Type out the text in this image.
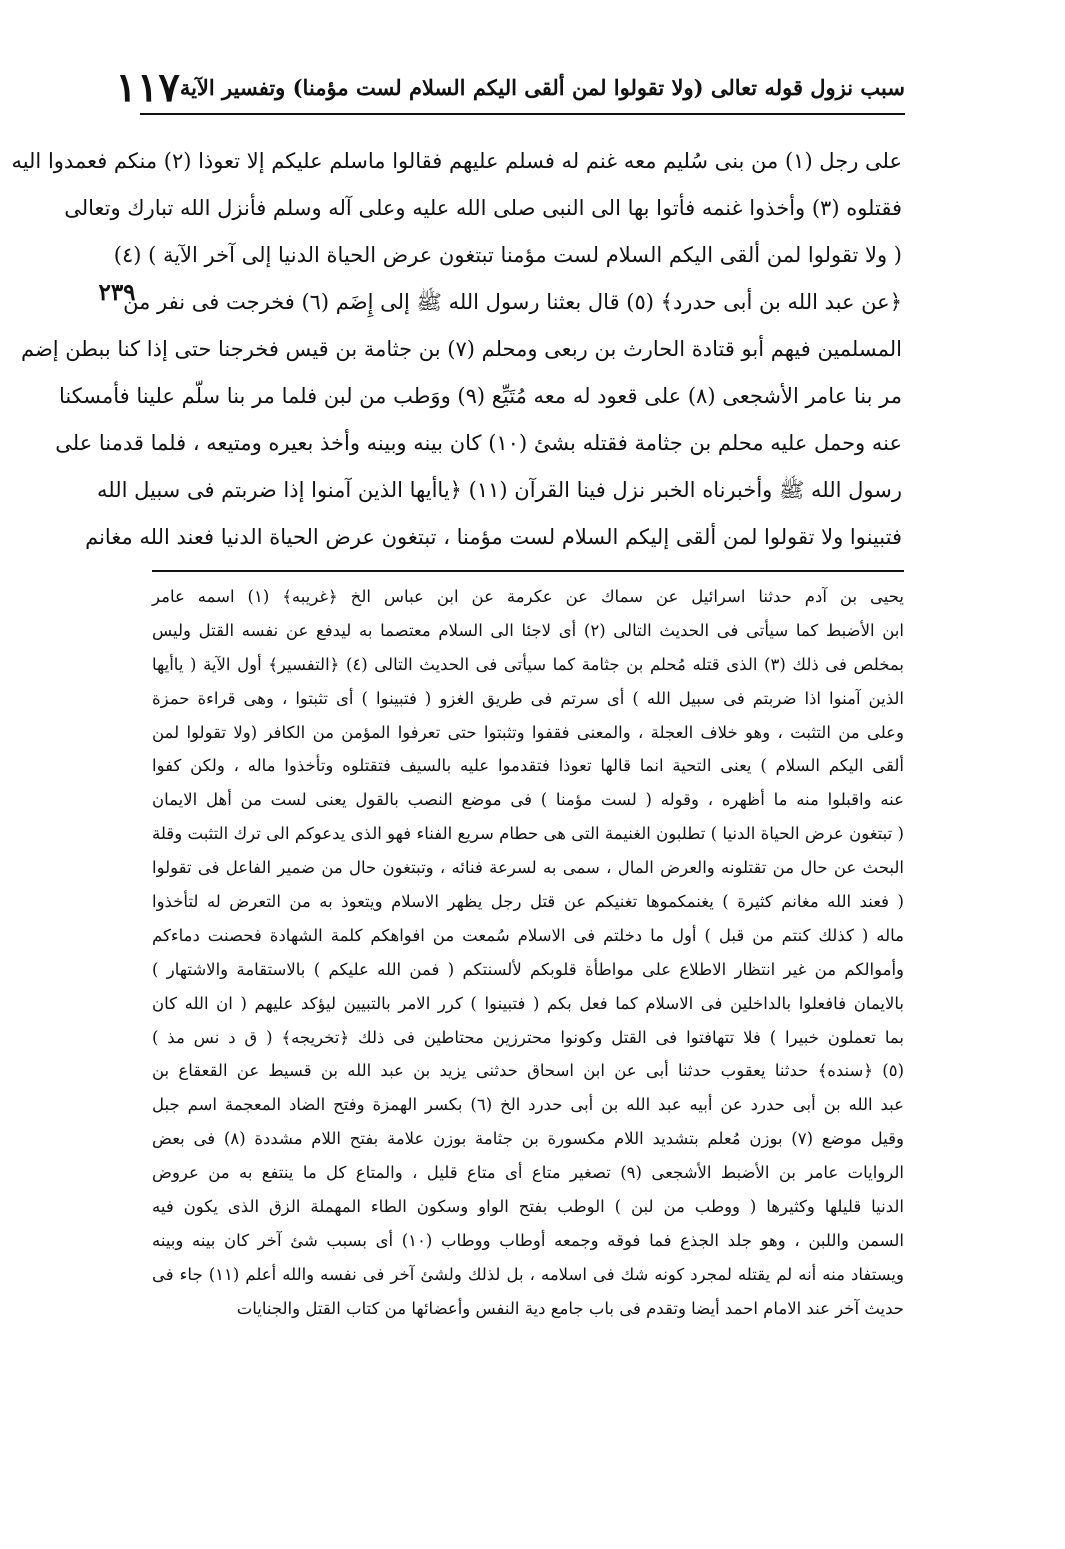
سبب نزول قوله تعالى (ولا تقولوا لمن ألقى اليكم السلام لست مؤمنا) وتفسير الآية
١١٧
٢٣٩
على رجل (١) من بنى سُليم معه غنم له فسلم عليهم فقالوا ماسلم عليكم إلا تعوذا (٢) منكم فعمدوا اليه
فقتلوه (٣) وأخذوا غنمه فأتوا بها الى النبى صلى الله عليه وعلى آله وسلم فأنزل الله تبارك وتعالى
( ولا تقولوا لمن ألقى اليكم السلام لست مؤمنا تبتغون عرض الحياة الدنيا إلى آخر الآية ) (٤)
﴿عن عبد الله بن أبى حدرد﴾ (٥) قال بعثنا رسول الله ﷺ إلى إِضَم (٦) فخرجت فى نفر من
المسلمين فيهم أبو قتادة الحارث بن ربعى ومحلم (٧) بن جثامة بن قيس فخرجنا حتى إذا كنا ببطن إضم
مر بنا عامر الأشجعى (٨) على قعود له معه مُتَيِّع (٩) ووَطب من لبن فلما مر بنا سلّم علينا فأمسكنا
عنه وحمل عليه محلم بن جثامة فقتله بشئ (١٠) كان بينه وبينه وأخذ بعيره ومتيعه ، فلما قدمنا على
رسول الله ﷺ وأخبرناه الخبر نزل فينا القرآن (١١) ﴿ياأيها الذين آمنوا إذا ضربتم فى سبيل الله
فتبينوا ولا تقولوا لمن ألقى إليكم السلام لست مؤمنا ، تبتغون عرض الحياة الدنيا فعند الله مغانم
يحيى بن آدم حدثنا اسرائيل عن سماك عن عكرمة عن ابن عباس الخ ﴿غريبه﴾ (١) اسمه عامر
ابن الأضبط كما سيأتى فى الحديث التالى (٢) أى لاجئا الى السلام معتصما به ليدفع عن نفسه القتل وليس
بمخلص فى ذلك (٣) الذى قتله مُحلم بن جثامة كما سيأتى فى الحديث التالى (٤) ﴿التفسير﴾ أول الآية ( ياأيها
الذين آمنوا اذا ضربتم فى سبيل الله ) أى سرتم فى طريق الغزو ( فتبينوا ) أى تثبتوا ، وهى قراءة حمزة
وعلى من التثبت ، وهو خلاف العجلة ، والمعنى فقفوا وتثبتوا حتى تعرفوا المؤمن من الكافر (ولا تقولوا لمن
ألقى اليكم السلام ) يعنى التحية انما قالها تعوذا فتقدموا عليه بالسيف فتقتلوه وتأخذوا ماله ، ولكن كفوا
عنه واقبلوا منه ما أظهره ، وقوله ( لست مؤمنا ) فى موضع النصب بالقول يعنى لست من أهل الايمان
( تبتغون عرض الحياة الدنيا ) تطلبون الغنيمة التى هى حطام سريع الفناء فهو الذى يدعوكم الى ترك التثبت وقلة
البحث عن حال من تقتلونه والعرض المال ، سمى به لسرعة فنائه ، وتبتغون حال من ضمير الفاعل فى تقولوا
( فعند الله مغانم كثيرة ) يغنمكموها تغنيكم عن قتل رجل يظهر الاسلام ويتعوذ به من التعرض له لتأخذوا
ماله ( كذلك كنتم من قبل ) أول ما دخلتم فى الاسلام سُمعت من افواهكم كلمة الشهادة فحصنت دماءكم
وأموالكم من غير انتظار الاطلاع على مواطأة قلوبكم لألسنتكم ( فمن الله عليكم ) بالاستقامة والاشتهار )
بالايمان فافعلوا بالداخلين فى الاسلام كما فعل بكم ( فتبينوا ) كرر الامر بالتبيين ليؤكد عليهم ( ان الله كان
بما تعملون خبيرا ) فلا تتهافتوا فى القتل وكونوا محترزين محتاطين فى ذلك ﴿تخريجه﴾ ( ق د نس مذ )
(٥) ﴿سنده﴾ حدثنا يعقوب حدثنا أبى عن ابن اسحاق حدثنى يزيد بن عبد الله بن قسيط عن القعقاع بن
عبد الله بن أبى حدرد عن أبيه عبد الله بن أبى حدرد الخ (٦) بكسر الهمزة وفتح الضاد المعجمة اسم جبل
وقيل موضع (٧) بوزن مُعلم بتشديد اللام مكسورة بن جثامة بوزن علامة بفتح اللام مشددة (٨) فى بعض
الروايات عامر بن الأضبط الأشجعى (٩) تصغير متاع أى متاع قليل ، والمتاع كل ما ينتفع به من عروض
الدنيا قليلها وكثيرها ( ووطب من لبن ) الوطب بفتح الواو وسكون الطاء المهملة الزق الذى يكون فيه
السمن واللبن ، وهو جلد الجذع فما فوقه وجمعه أوطاب ووطاب (١٠) أى بسبب شئ آخر كان بينه وبينه
ويستفاد منه أنه لم يقتله لمجرد كونه شك فى اسلامه ، بل لذلك ولشئ آخر فى نفسه والله أعلم (١١) جاء فى
حديث آخر عند الامام احمد أيضا وتقدم فى باب جامع دية النفس وأعضائها من كتاب القتل والجنايات
